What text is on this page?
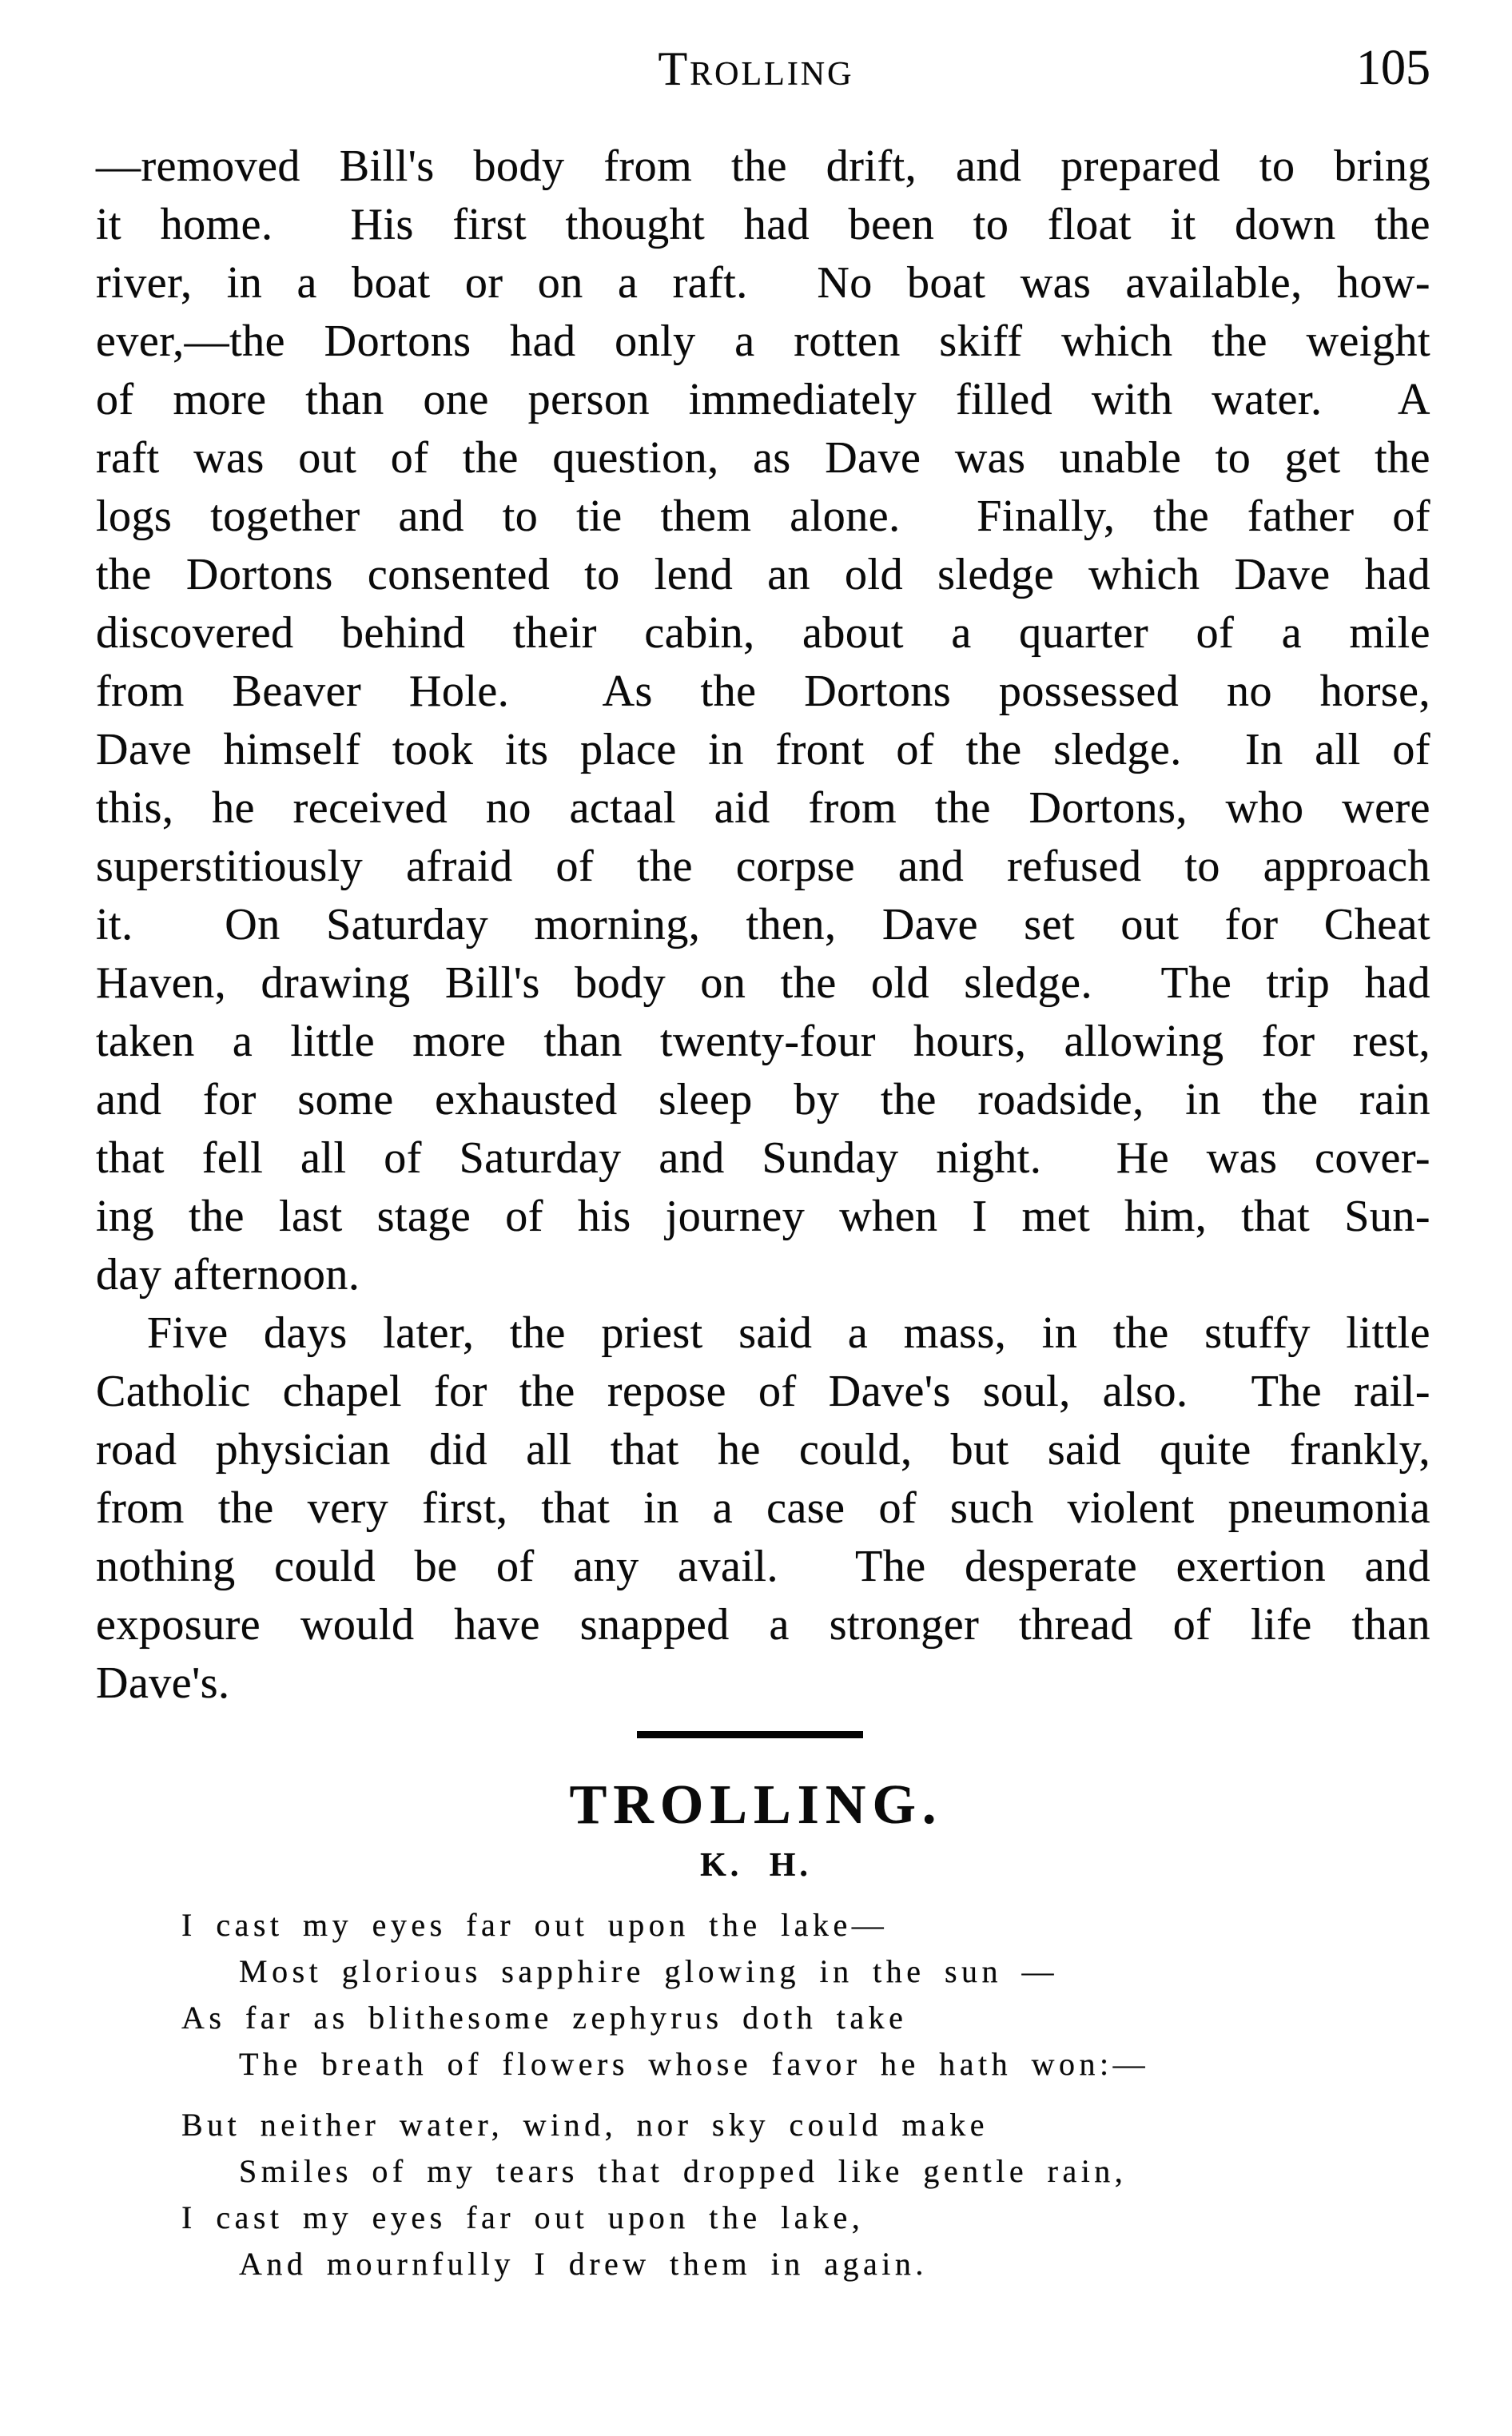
Trolling	105
—removed Bill's body from the drift, and prepared to bring
it home.  His first thought had been to float it down the
river, in a boat or on a raft.  No boat was available, how-
ever,—the Dortons had only a rotten skiff which the weight
of more than one person immediately filled with water.  A
raft was out of the question, as Dave was unable to get the
logs together and to tie them alone.  Finally, the father of
the Dortons consented to lend an old sledge which Dave had
discovered behind their cabin, about a quarter of a mile
from Beaver Hole.  As the Dortons possessed no horse,
Dave himself took its place in front of the sledge.  In all of
this, he received no actaal aid from the Dortons, who were
superstitiously afraid of the corpse and refused to approach
it.  On Saturday morning, then, Dave set out for Cheat
Haven, drawing Bill's body on the old sledge.  The trip had
taken a little more than twenty-four hours, allowing for rest,
and for some exhausted sleep by the roadside, in the rain
that fell all of Saturday and Sunday night.  He was cover-
ing the last stage of his journey when I met him, that Sun-
day afternoon.
Five days later, the priest said a mass, in the stuffy little
Catholic chapel for the repose of Dave's soul, also.  The rail-
road physician did all that he could, but said quite frankly,
from the very first, that in a case of such violent pneumonia
nothing could be of any avail.  The desperate exertion and
exposure would have snapped a stronger thread of life than
Dave's.
TROLLING.
K. H.
I cast my eyes far out upon the lake—
Most glorious sapphire glowing in the sun —
As far as blithesome zephyrus doth take
The breath of flowers whose favor he hath won:—
But neither water, wind, nor sky could make
Smiles of my tears that dropped like gentle rain,
I cast my eyes far out upon the lake,
And mournfully I drew them in again.
